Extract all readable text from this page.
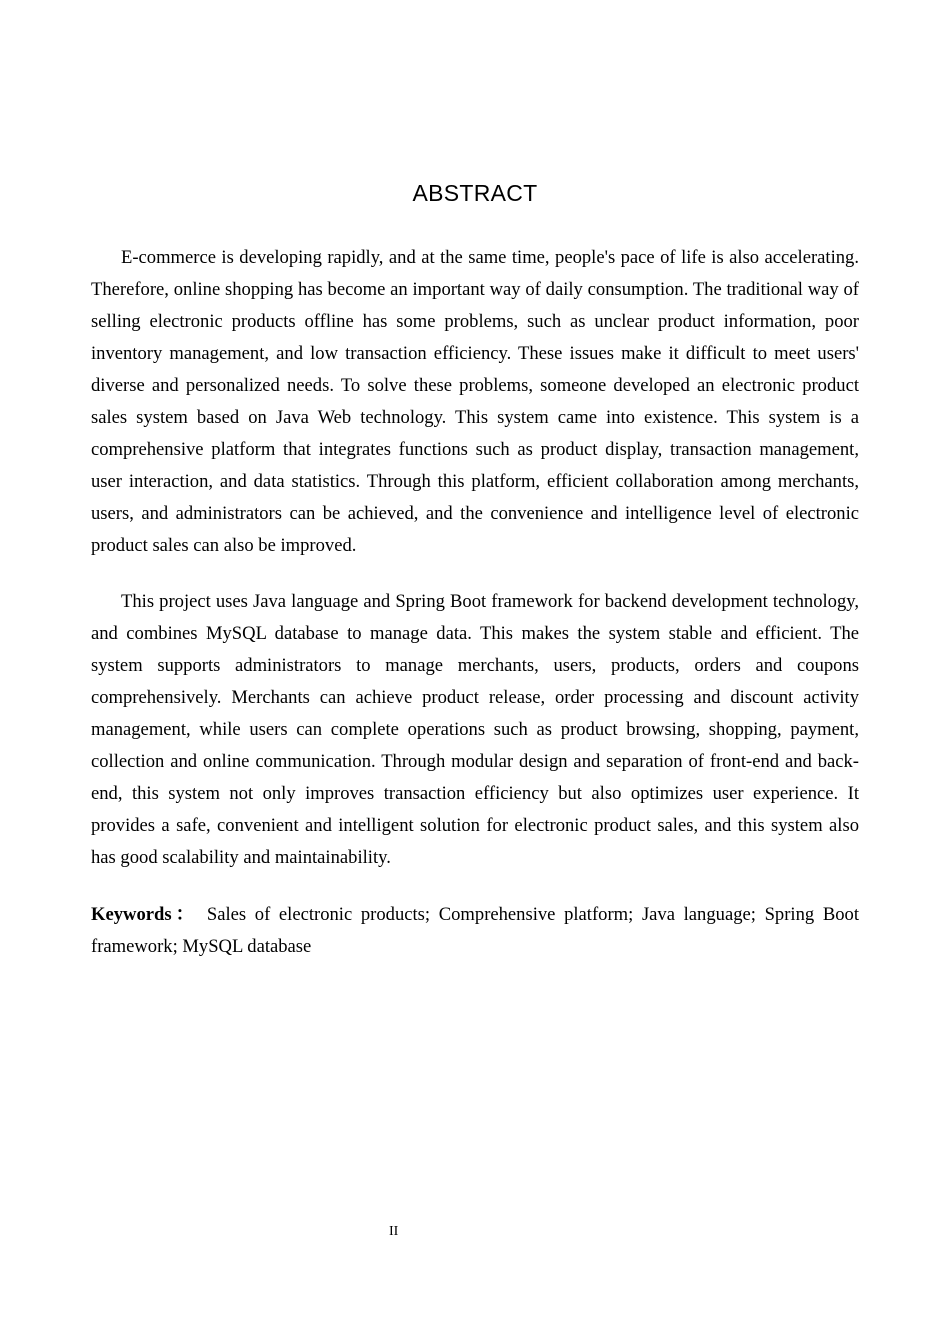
ABSTRACT

E-commerce is developing rapidly, and at the same time, people's pace of life is also accelerating. Therefore, online shopping has become an important way of daily consumption. The traditional way of selling electronic products offline has some problems, such as unclear product information, poor inventory management, and low transaction efficiency. These issues make it difficult to meet users' diverse and personalized needs. To solve these problems, someone developed an electronic product sales system based on Java Web technology. This system came into existence. This system is a comprehensive platform that integrates functions such as product display, transaction management, user interaction, and data statistics. Through this platform, efficient collaboration among merchants, users, and administrators can be achieved, and the convenience and intelligence level of electronic product sales can also be improved.

This project uses Java language and Spring Boot framework for backend development technology, and combines MySQL database to manage data. This makes the system stable and efficient. The system supports administrators to manage merchants, users, products, orders and coupons comprehensively. Merchants can achieve product release, order processing and discount activity management, while users can complete operations such as product browsing, shopping, payment, collection and online communication. Through modular design and separation of front-end and back-end, this system not only improves transaction efficiency but also optimizes user experience. It provides a safe, convenient and intelligent solution for electronic product sales, and this system also has good scalability and maintainability.

Keywords： Sales of electronic products; Comprehensive platform; Java language; Spring Boot framework; MySQL database

II
